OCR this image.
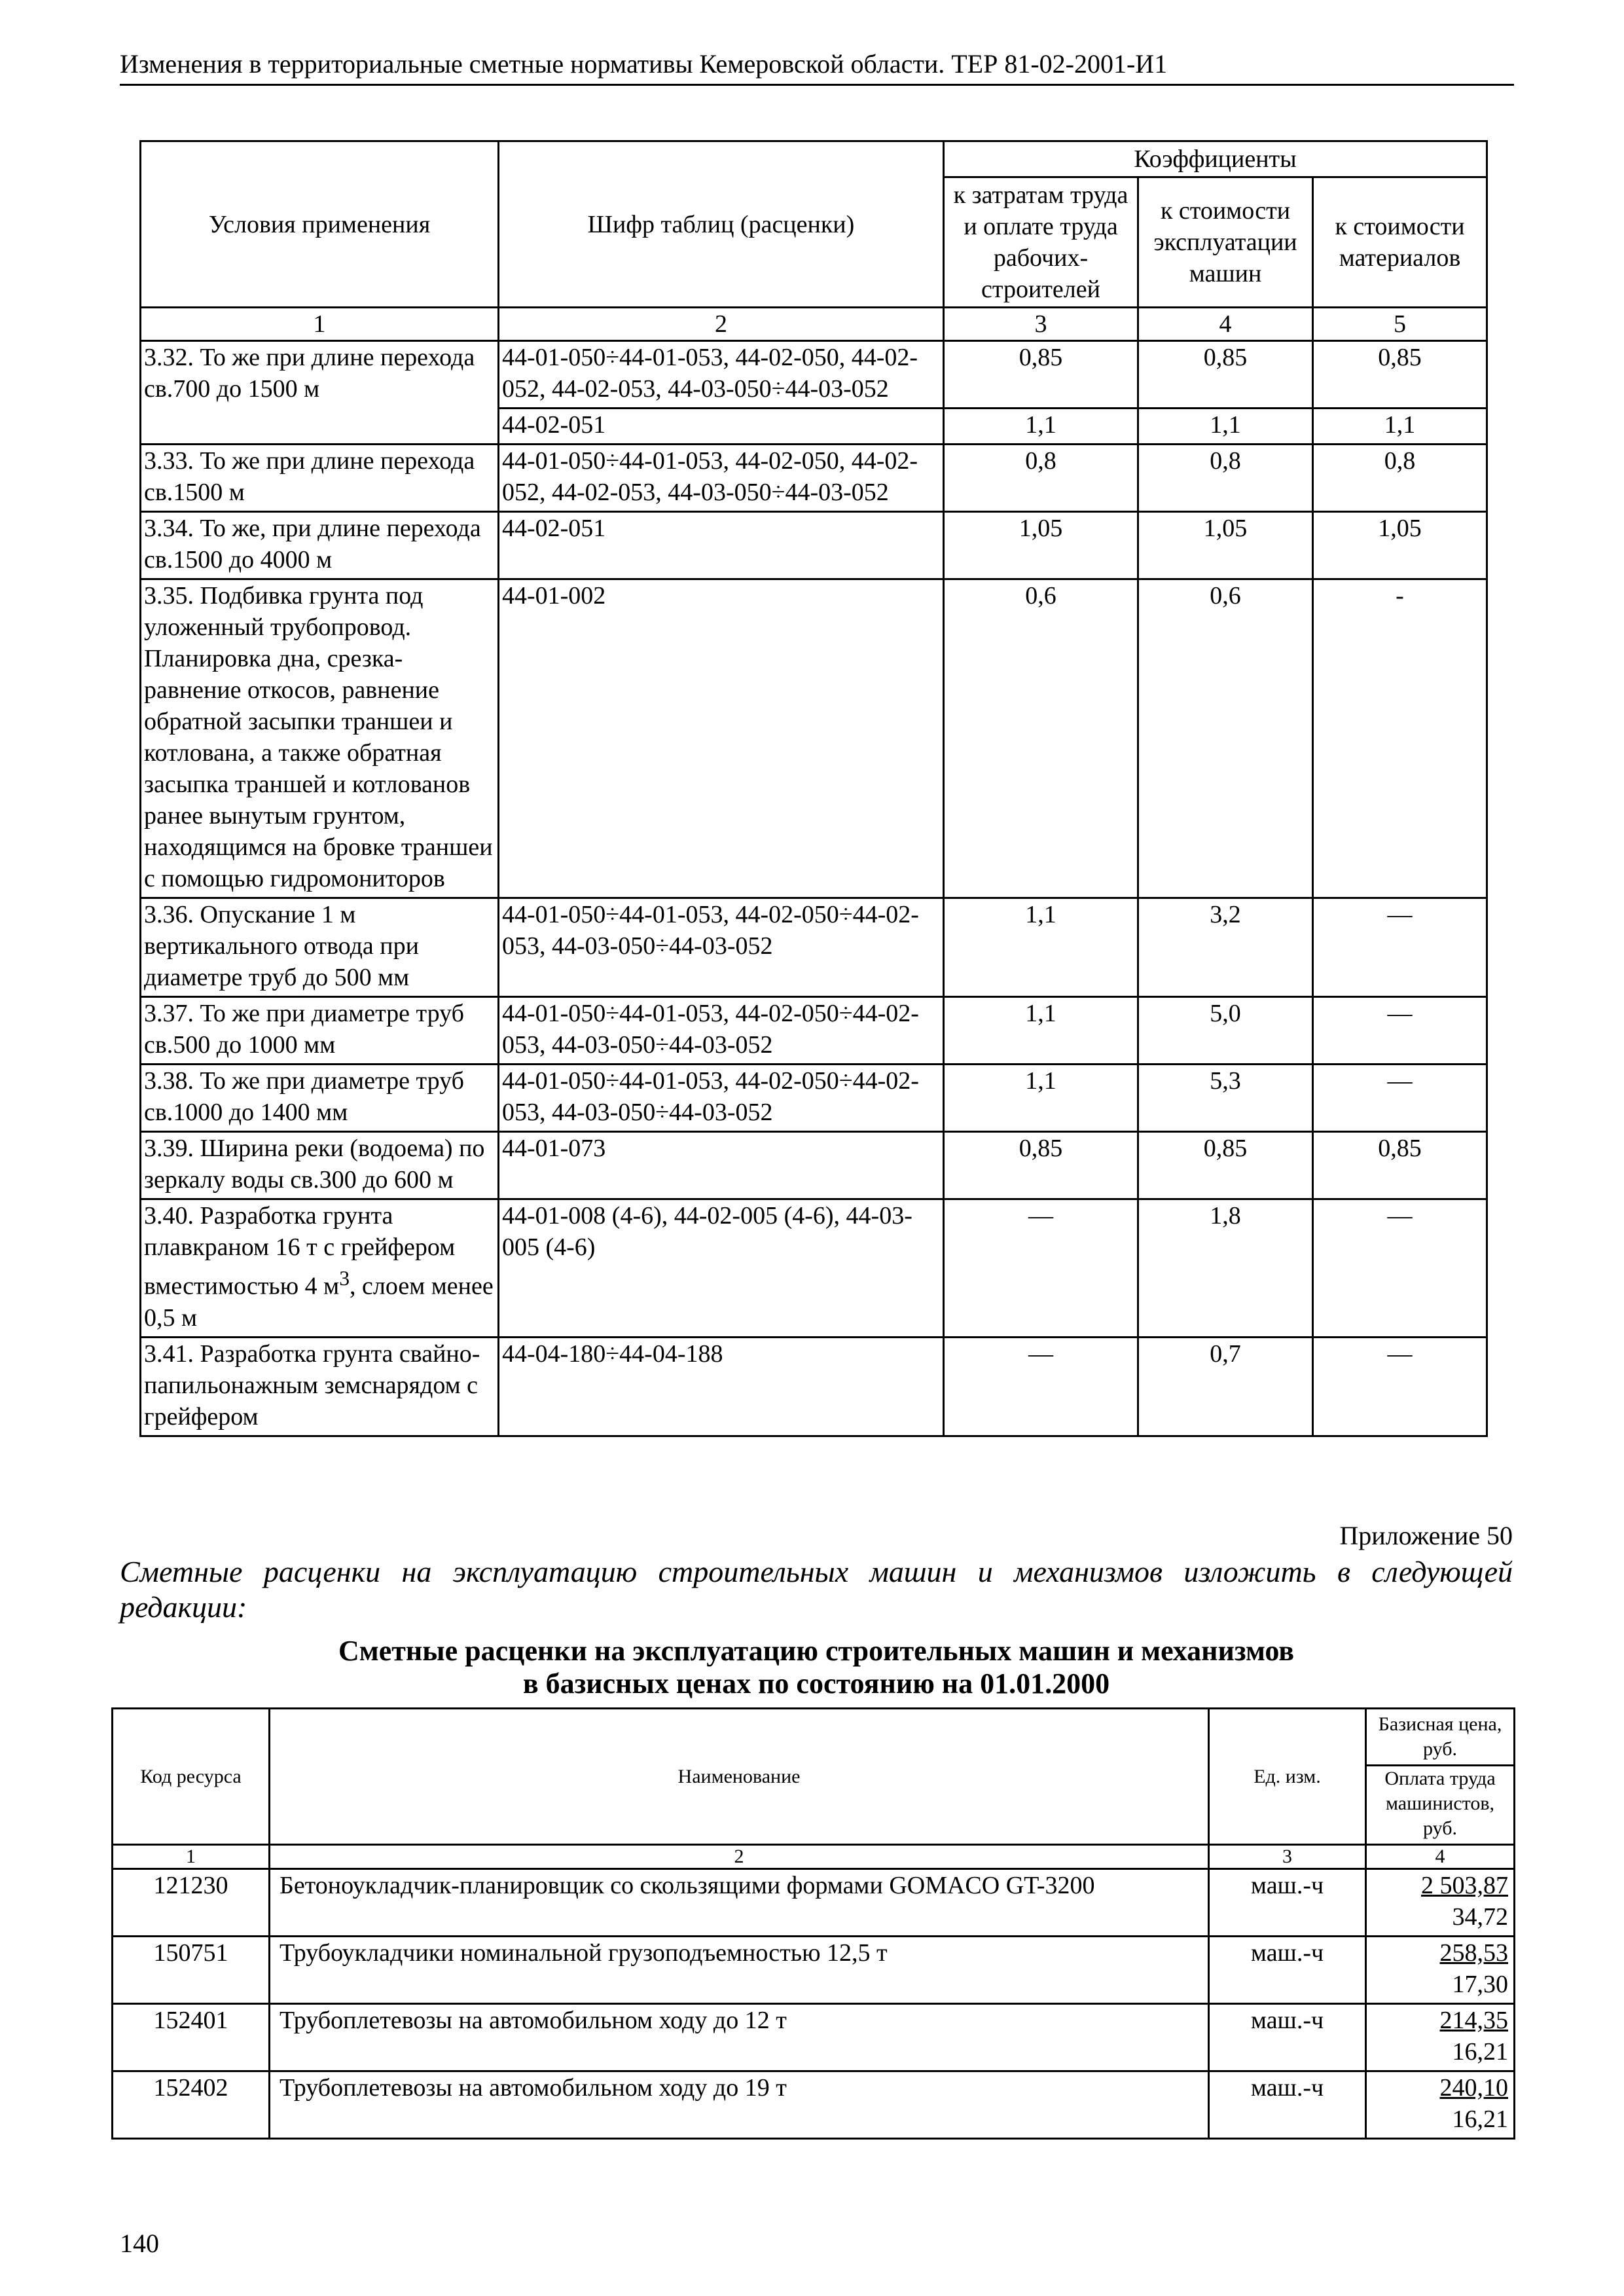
Изменения в территориальные сметные нормативы Кемеровской области. ТЕР 81-02-2001-И1
Условия применения	Шифр таблиц (расценки)	Коэффициенты		
		к затратам труда и оплате труда рабочих-строителей	к стоимости эксплуатации машин	к стоимости материалов
1	2	3	4	5
3.32. То же при длине перехода св.700 до 1500 м	44-01-050÷44-01-053, 44-02-050, 44-02-052, 44-02-053, 44-03-050÷44-03-052	0,85	0,85	0,85
	44-02-051	1,1	1,1	1,1
3.33. То же при длине перехода св.1500 м	44-01-050÷44-01-053, 44-02-050, 44-02-052, 44-02-053, 44-03-050÷44-03-052	0,8	0,8	0,8
3.34. То же, при длине перехода св.1500 до 4000 м	44-02-051	1,05	1,05	1,05
3.35. Подбивка грунта под уложенный трубопровод. Планировка дна, срезка-равнение откосов, равнение обратной засыпки траншеи и котлована, а также обратная засыпка траншей и котлованов ранее вынутым грунтом, находящимся на бровке траншеи с помощью гидромониторов	44-01-002	0,6	0,6	-
3.36. Опускание 1 м вертикального отвода при диаметре труб до 500 мм	44-01-050÷44-01-053, 44-02-050÷44-02-053, 44-03-050÷44-03-052	1,1	3,2	—
3.37. То же при диаметре труб св.500 до 1000 мм	44-01-050÷44-01-053, 44-02-050÷44-02-053, 44-03-050÷44-03-052	1,1	5,0	—
3.38. То же при диаметре труб св.1000 до 1400 мм	44-01-050÷44-01-053, 44-02-050÷44-02-053, 44-03-050÷44-03-052	1,1	5,3	—
3.39. Ширина реки (водоема) по зеркалу воды св.300 до 600 м	44-01-073	0,85	0,85	0,85
3.40. Разработка грунта плавкраном 16 т с грейфером вместимостью 4 $м^3$, слоем менее 0,5 м	44-01-008 (4-6), 44-02-005 (4-6), 44-03-005 (4-6)	—	1,8	—
3.41. Разработка грунта свайно-папильонажным земснарядом с грейфером	44-04-180÷44-04-188	—	0,7	—
Приложение 50
Сметные расценки на эксплуатацию строительных машин и механизмов изложить в следующей редакции:
Сметные расценки на эксплуатацию строительных машин и механизмов
в базисных ценах по состоянию на 01.01.2000
Код ресурса	Наименование	Ед. изм.	Базисная цена, руб.
Оплата труда машинистов, руб.

1	2	3	4
121230	Бетоноукладчик-планировщик со скользящими формами GOMACO GT-3200	маш.-ч	2 503,87
34,72

150751	Трубоукладчики номинальной грузоподъемностью 12,5 т	маш.-ч	258,53
17,30

152401	Трубоплетевозы на автомобильном ходу до 12 т	маш.-ч	214,35
16,21

152402	Трубоплетевозы на автомобильном ходу до 19 т	маш.-ч	240,10
16,21
140
